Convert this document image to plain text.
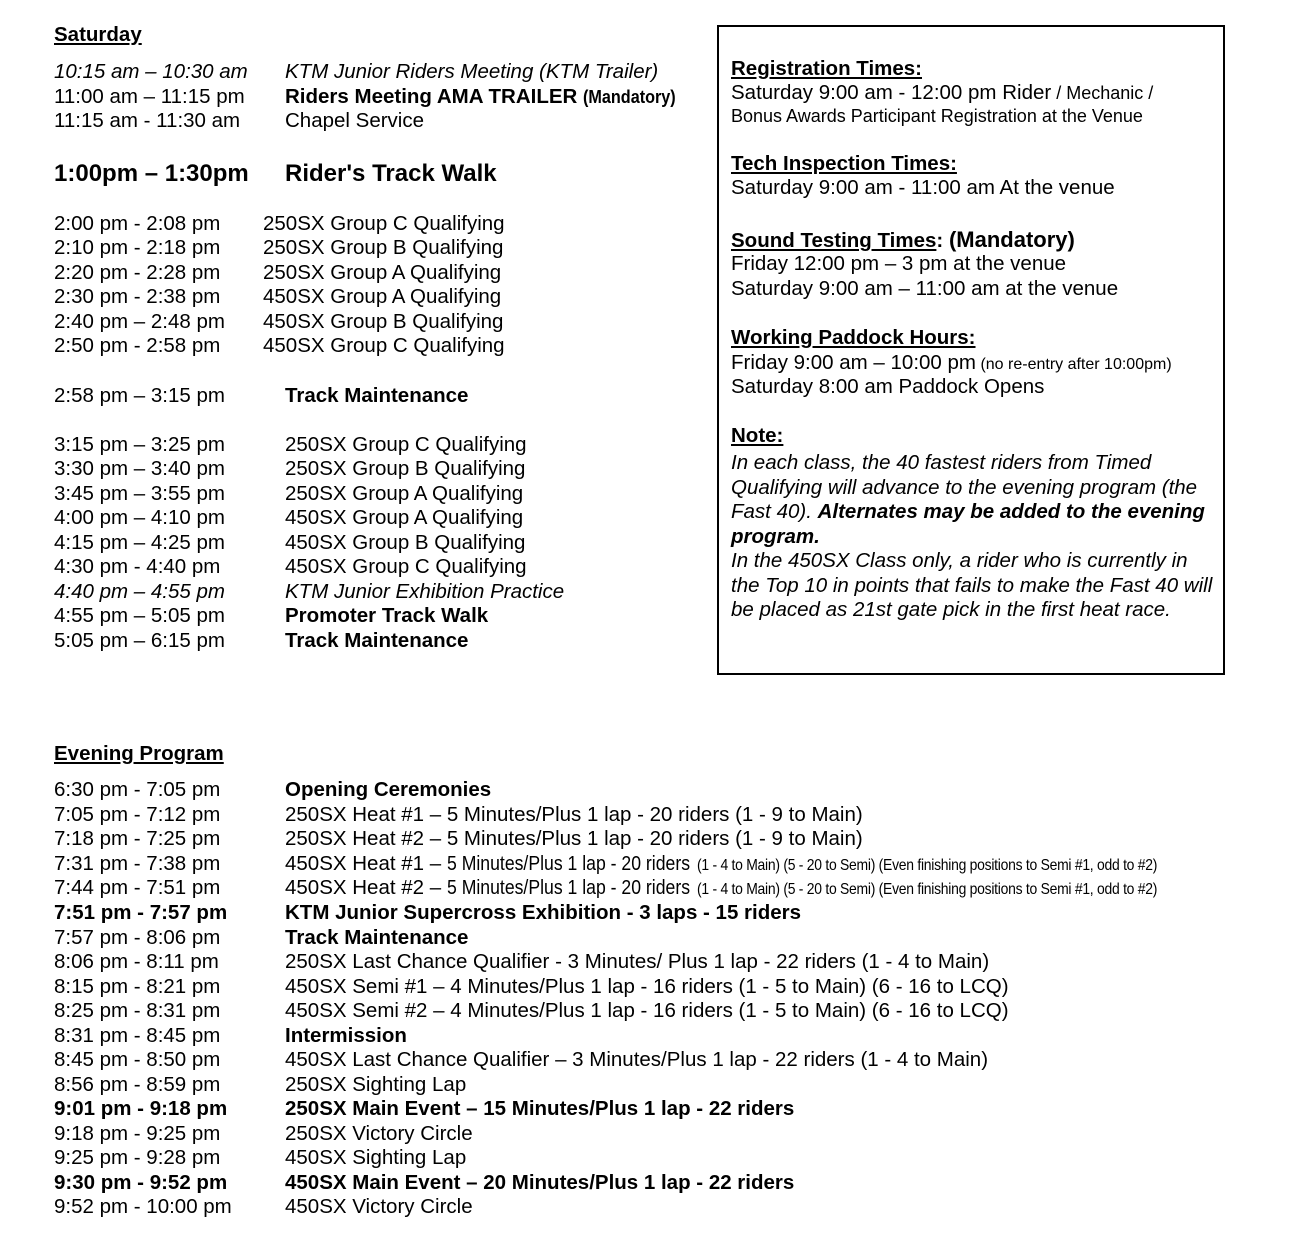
Saturday
10:15 am – 10:30 am KTM Junior Riders Meeting (KTM Trailer)
11:00 am – 11:15 pm Riders Meeting AMA TRAILER (Mandatory)
11:15 am - 11:30 am Chapel Service
1:00pm – 1:30pm Rider's Track Walk
2:00 pm - 2:08 pm 250SX Group C Qualifying
2:10 pm - 2:18 pm 250SX Group B Qualifying
2:20 pm - 2:28 pm 250SX Group A Qualifying
2:30 pm - 2:38 pm 450SX Group A Qualifying
2:40 pm – 2:48 pm 450SX Group B Qualifying
2:50 pm - 2:58 pm 450SX Group C Qualifying
2:58 pm – 3:15 pm	Track Maintenance
3:15 pm – 3:25 pm	250SX Group C Qualifying
3:30 pm – 3:40 pm	250SX Group B Qualifying
3:45 pm – 3:55 pm	250SX Group A Qualifying
4:00 pm – 4:10 pm	450SX Group A Qualifying
4:15 pm – 4:25 pm	450SX Group B Qualifying
4:30 pm - 4:40 pm	450SX Group C Qualifying
4:40 pm – 4:55 pm	KTM Junior Exhibition Practice
4:55 pm – 5:05 pm	Promoter Track Walk
5:05 pm – 6:15 pm	Track Maintenance
Registration Times:
Saturday 9:00 am - 12:00 pm Rider / Mechanic /
Bonus Awards Participant Registration at the Venue
Tech Inspection Times:
Saturday 9:00 am - 11:00 am At the venue
Sound Testing Times: (Mandatory)
Friday 12:00 pm – 3 pm at the venue
Saturday 9:00 am – 11:00 am at the venue
Working Paddock Hours:
Friday 9:00 am – 10:00 pm (no re-entry after 10:00pm)
Saturday 8:00 am Paddock Opens
Note:
In each class, the 40 fastest riders from Timed Qualifying will advance to the evening program (the Fast 40). Alternates may be added to the evening program.
In the 450SX Class only, a rider who is currently in the Top 10 in points that fails to make the Fast 40 will be placed as 21st gate pick in the first heat race.
Evening Program
6:30 pm - 7:05 pm	Opening Ceremonies
7:05 pm - 7:12 pm	250SX Heat #1 – 5 Minutes/Plus 1 lap - 20 riders (1 - 9 to Main)
7:18 pm - 7:25 pm	250SX Heat #2 – 5 Minutes/Plus 1 lap - 20 riders (1 - 9 to Main)
7:31 pm - 7:38 pm	450SX Heat #1 – 5 Minutes/Plus 1 lap - 20 riders(1 - 4 to Main) (5 - 20 to Semi) (Even finishing positions to Semi #1, odd to #2)
7:44 pm - 7:51 pm	450SX Heat #2 – 5 Minutes/Plus 1 lap - 20 riders(1 - 4 to Main) (5 - 20 to Semi) (Even finishing positions to Semi #1, odd to #2)
7:51 pm - 7:57 pm	KTM Junior Supercross Exhibition - 3 laps - 15 riders
7:57 pm - 8:06 pm	Track Maintenance
8:06 pm - 8:11 pm	250SX Last Chance Qualifier - 3 Minutes/ Plus 1 lap - 22 riders (1 - 4 to Main)
8:15 pm - 8:21 pm	450SX Semi #1 – 4 Minutes/Plus 1 lap - 16 riders (1 - 5 to Main) (6 - 16 to LCQ)
8:25 pm - 8:31 pm	450SX Semi #2 – 4 Minutes/Plus 1 lap - 16 riders (1 - 5 to Main) (6 - 16 to LCQ)
8:31 pm - 8:45 pm	Intermission
8:45 pm - 8:50 pm	450SX Last Chance Qualifier – 3 Minutes/Plus 1 lap - 22 riders (1 - 4 to Main)
8:56 pm - 8:59 pm	250SX Sighting Lap
9:01 pm - 9:18 pm	250SX Main Event – 15 Minutes/Plus 1 lap - 22 riders
9:18 pm - 9:25 pm	250SX Victory Circle
9:25 pm - 9:28 pm	450SX Sighting Lap
9:30 pm - 9:52 pm	450SX Main Event – 20 Minutes/Plus 1 lap - 22 riders
9:52 pm - 10:00 pm	450SX Victory Circle
